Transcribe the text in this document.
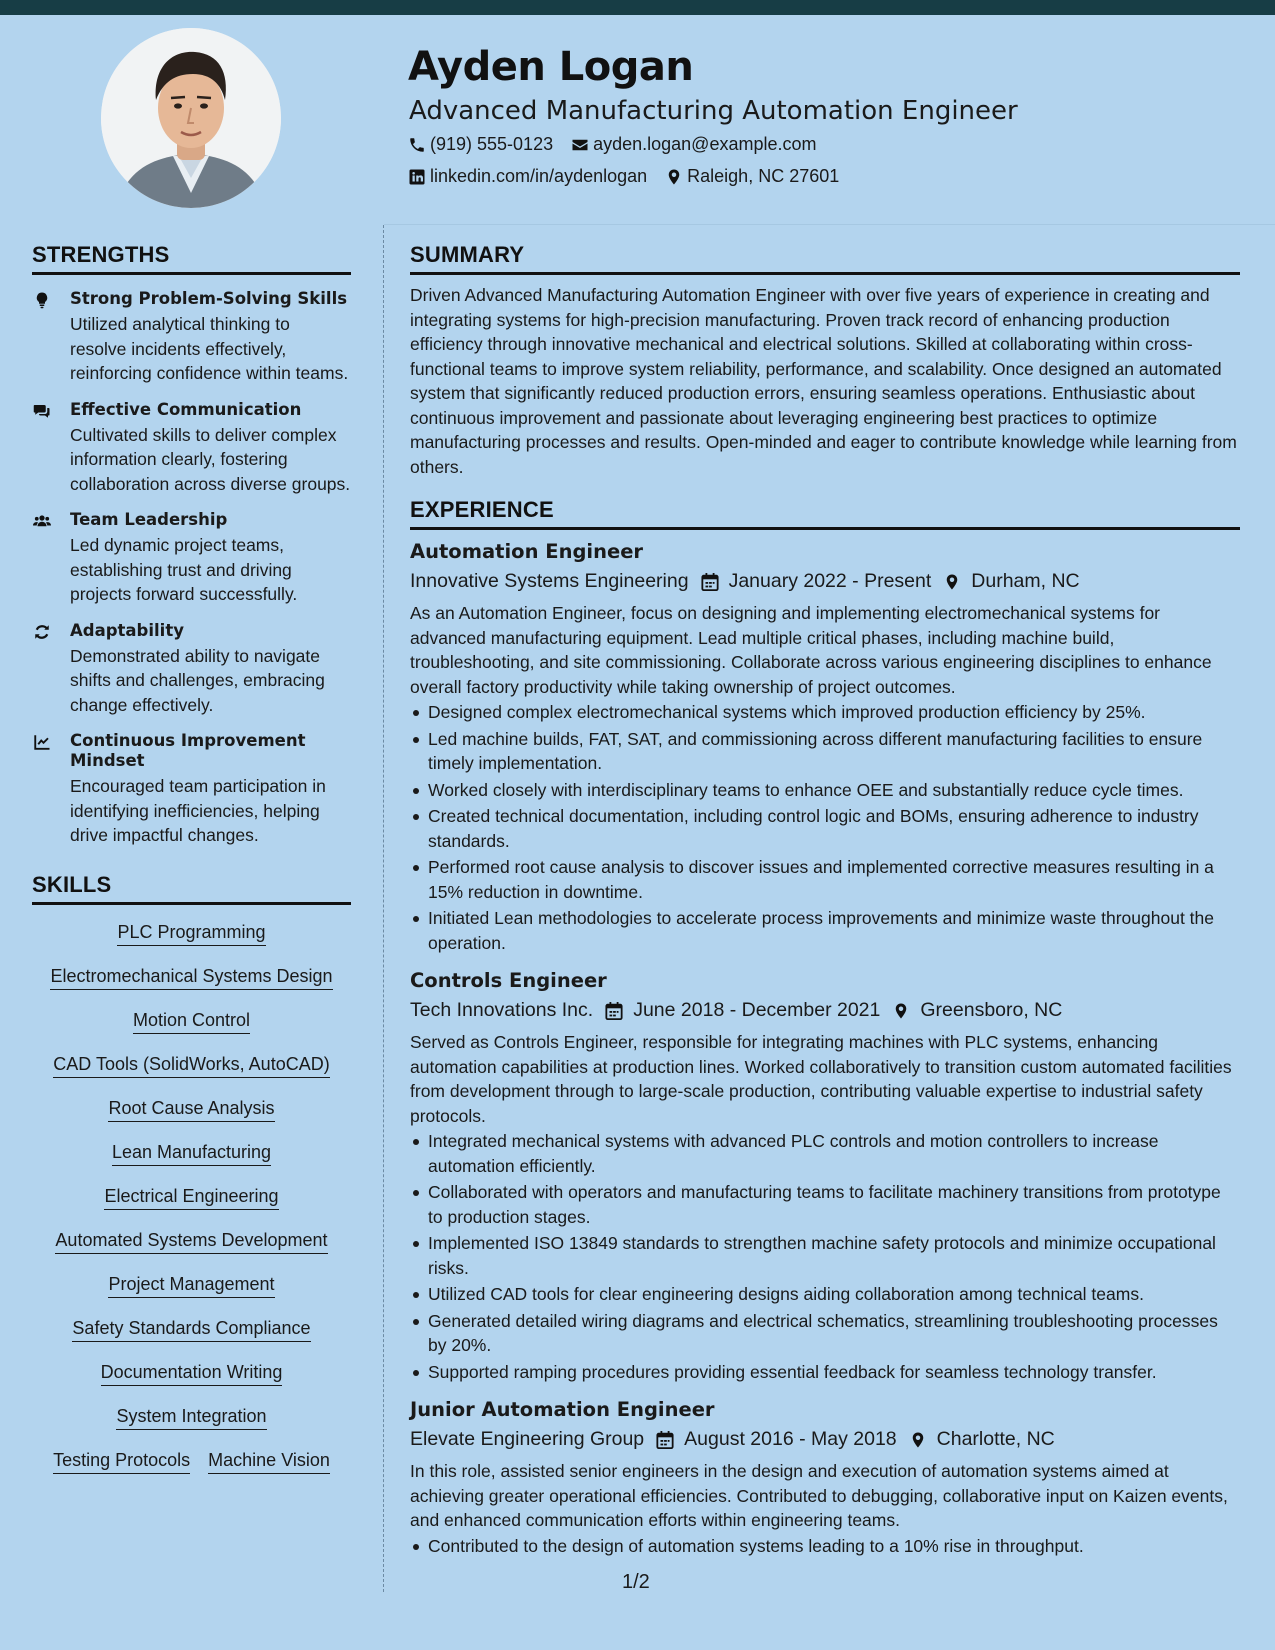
Ayden Logan
Advanced Manufacturing Automation Engineer
(919) 555-0123 ayden.logan@example.com
linkedin.com/in/aydenlogan Raleigh, NC 27601
STRENGTHS
Strong Problem-Solving Skills
Utilized analytical thinking to resolve incidents effectively, reinforcing confidence within teams.
Effective Communication
Cultivated skills to deliver complex information clearly, fostering collaboration across diverse groups.
Team Leadership
Led dynamic project teams, establishing trust and driving projects forward successfully.
Adaptability
Demonstrated ability to navigate shifts and challenges, embracing change effectively.
Continuous Improvement Mindset
Encouraged team participation in identifying inefficiencies, helping drive impactful changes.
SKILLS
PLC Programming
Electromechanical Systems Design
Motion Control
CAD Tools (SolidWorks, AutoCAD)
Root Cause Analysis
Lean Manufacturing
Electrical Engineering
Automated Systems Development
Project Management
Safety Standards Compliance
Documentation Writing
System Integration
Testing Protocols Machine Vision
SUMMARY

Driven Advanced Manufacturing Automation Engineer with over five years of experience in creating and integrating systems for high-precision manufacturing. Proven track record of enhancing production efficiency through innovative mechanical and electrical solutions. Skilled at collaborating within cross-functional teams to improve system reliability, performance, and scalability. Once designed an automated system that significantly reduced production errors, ensuring seamless operations. Enthusiastic about continuous improvement and passionate about leveraging engineering best practices to optimize manufacturing processes and results. Open-minded and eager to contribute knowledge while learning from others.

EXPERIENCE
Automation Engineer
Innovative Systems Engineering January 2022 - Present Durham, NC

As an Automation Engineer, focus on designing and implementing electromechanical systems for advanced manufacturing equipment. Lead multiple critical phases, including machine build, troubleshooting, and site commissioning. Collaborate across various engineering disciplines to enhance overall factory productivity while taking ownership of project outcomes.

Designed complex electromechanical systems which improved production efficiency by 25%.
Led machine builds, FAT, SAT, and commissioning across different manufacturing facilities to ensure timely implementation.
Worked closely with interdisciplinary teams to enhance OEE and substantially reduce cycle times.
Created technical documentation, including control logic and BOMs, ensuring adherence to industry standards.
Performed root cause analysis to discover issues and implemented corrective measures resulting in a 15% reduction in downtime.
Initiated Lean methodologies to accelerate process improvements and minimize waste throughout the operation.
Controls Engineer
Tech Innovations Inc. June 2018 - December 2021 Greensboro, NC

Served as Controls Engineer, responsible for integrating machines with PLC systems, enhancing automation capabilities at production lines. Worked collaboratively to transition custom automated facilities from development through to large-scale production, contributing valuable expertise to industrial safety protocols.

Integrated mechanical systems with advanced PLC controls and motion controllers to increase automation efficiently.
Collaborated with operators and manufacturing teams to facilitate machinery transitions from prototype to production stages.
Implemented ISO 13849 standards to strengthen machine safety protocols and minimize occupational risks.
Utilized CAD tools for clear engineering designs aiding collaboration among technical teams.
Generated detailed wiring diagrams and electrical schematics, streamlining troubleshooting processes by 20%.
Supported ramping procedures providing essential feedback for seamless technology transfer.
Junior Automation Engineer
Elevate Engineering Group August 2016 - May 2018 Charlotte, NC

In this role, assisted senior engineers in the design and execution of automation systems aimed at achieving greater operational efficiencies. Contributed to debugging, collaborative input on Kaizen events, and enhanced communication efforts within engineering teams.

Contributed to the design of automation systems leading to a 10% rise in throughput.
1/2
